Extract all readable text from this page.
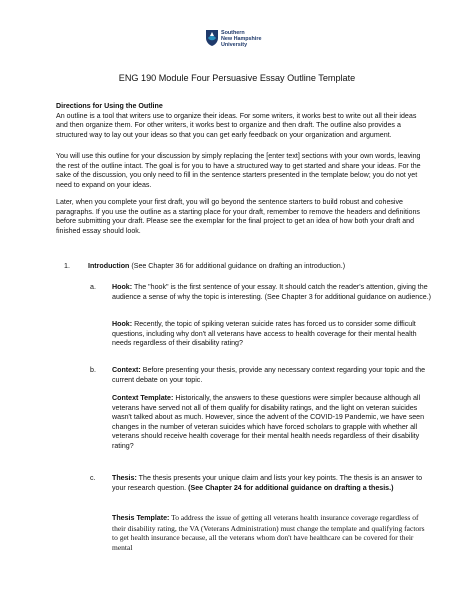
Southern
New Hampshire
University
ENG 190 Module Four Persuasive Essay Outline Template
Directions for Using the Outline

An outline is a tool that writers use to organize their ideas. For some writers, it works best to write out all their ideas and then organize them. For other writers, it works best to organize and then draft. The outline also provides a structured way to lay out your ideas so that you can get early feedback on your organization and argument.

You will use this outline for your discussion by simply replacing the [enter text] sections with your own words, leaving the rest of the outline intact. The goal is for you to have a structured way to get started and share your ideas. For the sake of the discussion, you only need to fill in the sentence starters presented in the template below; you do not yet need to expand on your ideas.

Later, when you complete your first draft, you will go beyond the sentence starters to build robust and cohesive paragraphs. If you use the outline as a starting place for your draft, remember to remove the headers and definitions before submitting your draft. Please see the exemplar for the final project to get an idea of how both your draft and finished essay should look.

1.	Introduction (See Chapter 36 for additional guidance on drafting an introduction.)
a. Hook: The "hook" is the first sentence of your essay. It should catch the reader's attention, giving the audience a sense of why the topic is interesting. (See Chapter 3 for additional guidance on audience.)
Hook: Recently, the topic of spiking veteran suicide rates has forced us to consider some difficult questions, including why don't all veterans have access to health coverage for their mental health needs regardless of their disability rating?
b. Context: Before presenting your thesis, provide any necessary context regarding your topic and the current debate on your topic.
Context Template: Historically, the answers to these questions were simpler because although all veterans have served not all of them qualify for disability ratings, and the light on veteran suicides wasn't talked about as much. However, since the advent of the COVID-19 Pandemic, we have seen changes in the number of veteran suicides which have forced scholars to grapple with whether all veterans should receive health coverage for their mental health needs regardless of their disability rating?
c. Thesis: The thesis presents your unique claim and lists your key points. The thesis is an answer to your research question. (See Chapter 24 for additional guidance on drafting a thesis.)
Thesis Template: To address the issue of getting all veterans health insurance coverage regardless of their disability rating, the VA (Veterans Administration) must change the template and qualifying factors to get health insurance because, all the veterans whom don't have healthcare can be covered for their mental
